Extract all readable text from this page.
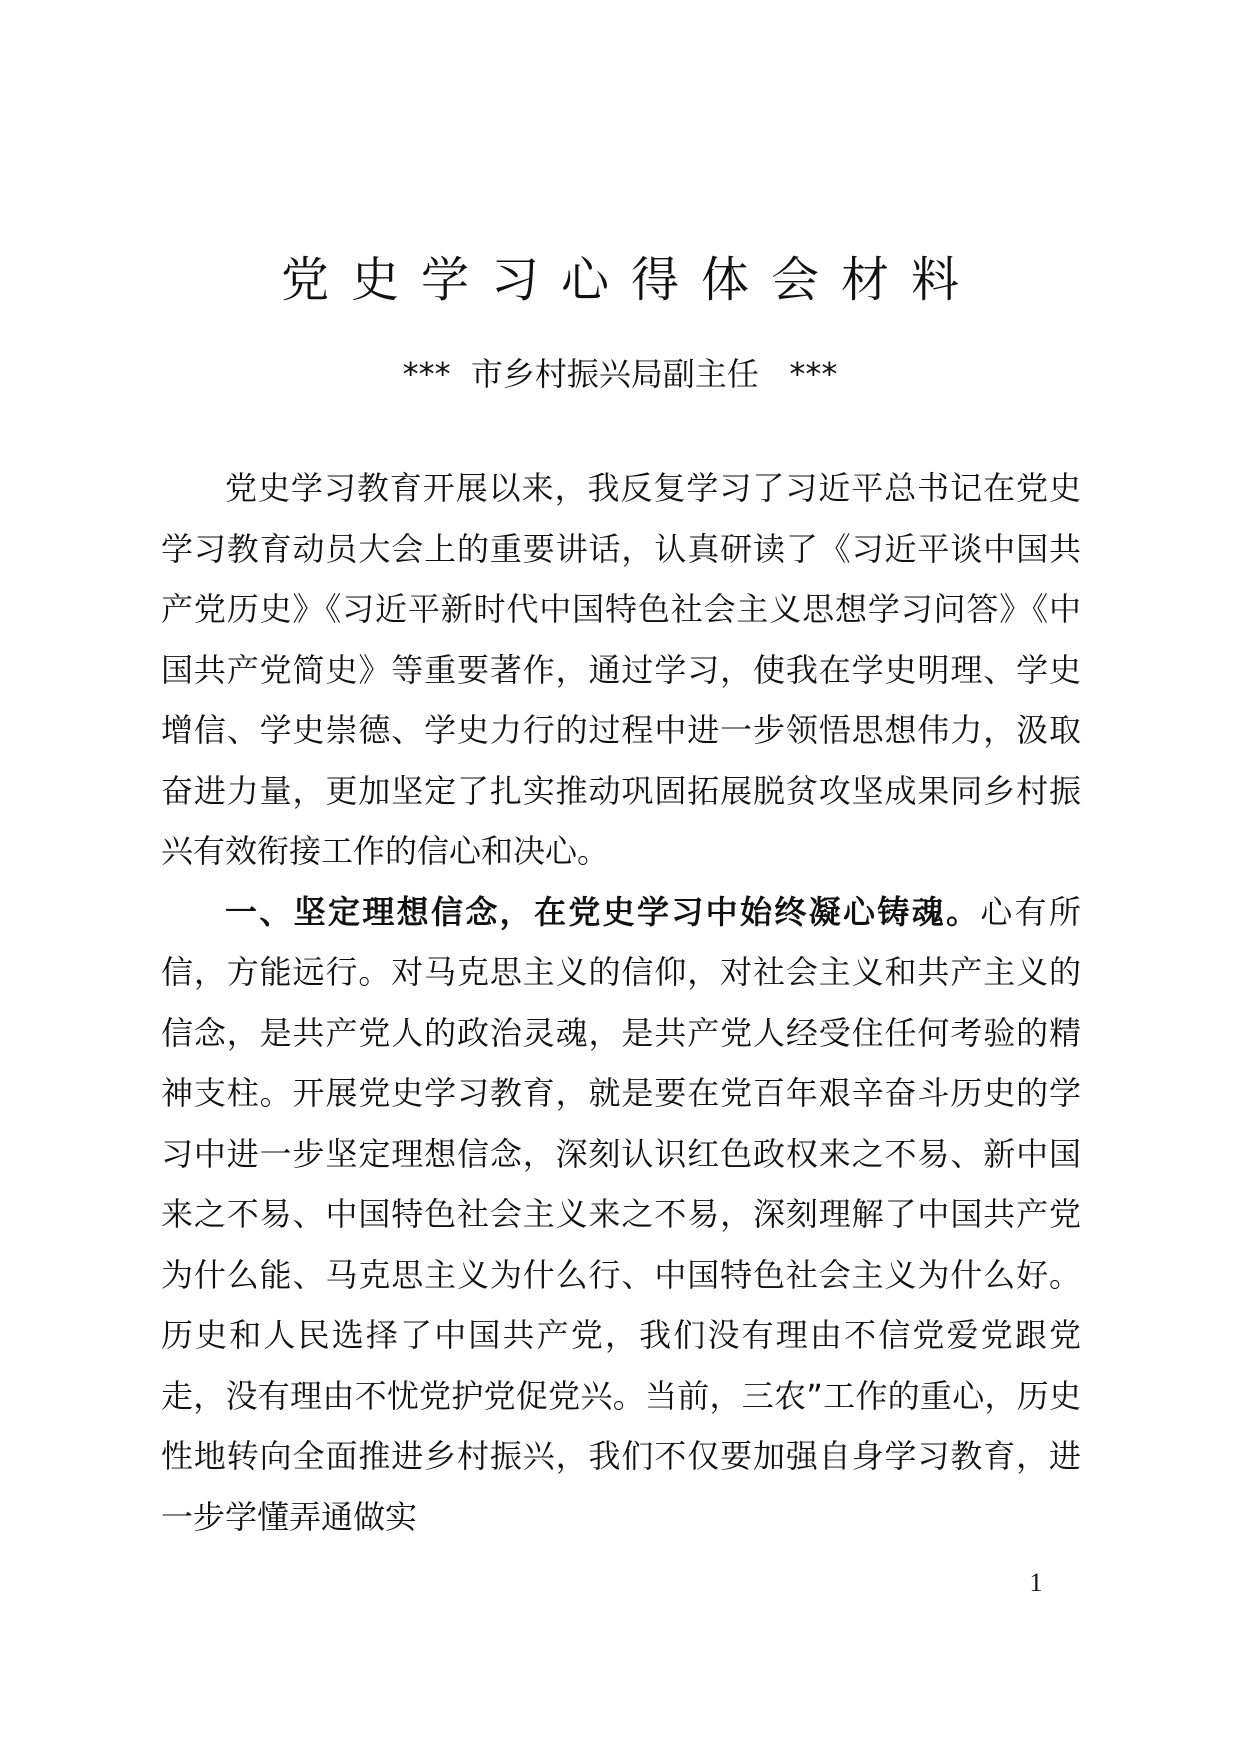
党史学习心得体会材料
***  市乡村振兴局副主任   ***

党史学习教育开展以来，我反复学习了习近平总书记在党史学习教育动员大会上的重要讲话，认真研读了《习近平谈中国共产党历史》《习近平新时代中国特色社会主义思想学习问答》《中国共产党简史》等重要著作，通过学习，使我在学史明理、学史增信、学史崇德、学史力行的过程中进一步领悟思想伟力，汲取奋进力量，更加坚定了扎实推动巩固拓展脱贫攻坚成果同乡村振兴有效衔接工作的信心和决心。

一、坚定理想信念，在党史学习中始终凝心铸魂。心有所信，方能远行。对马克思主义的信仰，对社会主义和共产主义的信念，是共产党人的政治灵魂，是共产党人经受住任何考验的精神支柱。开展党史学习教育，就是要在党百年艰辛奋斗历史的学习中进一步坚定理想信念，深刻认识红色政权来之不易、新中国来之不易、中国特色社会主义来之不易，深刻理解了中国共产党为什么能、马克思主义为什么行、中国特色社会主义为什么好。历史和人民选择了中国共产党，我们没有理由不信党爱党跟党走，没有理由不忧党护党促党兴。当前，三农”工作的重心，历史性地转向全面推进乡村振兴，我们不仅要加强自身学习教育，进一步学懂弄通做实

1
